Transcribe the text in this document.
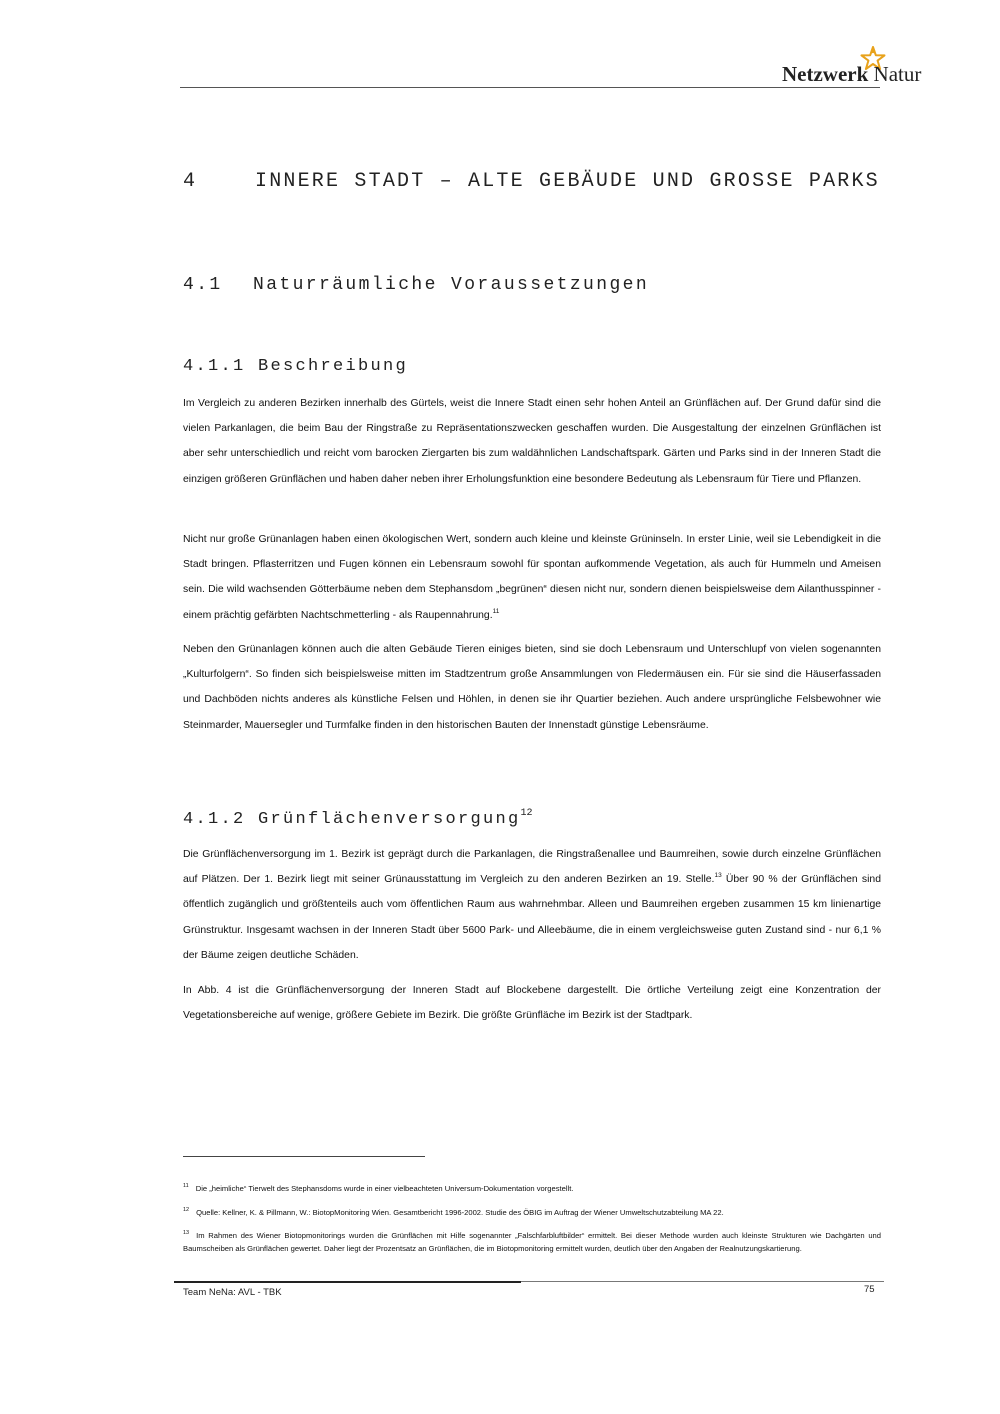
Netzwerk Natur
4	INNERE STADT – ALTE GEBÄUDE UND GROSSE PARKS
4.1 Naturräumliche Voraussetzungen
4.1.1 Beschreibung
Im Vergleich zu anderen Bezirken innerhalb des Gürtels, weist die Innere Stadt einen sehr hohen Anteil an Grünflächen auf. Der Grund dafür sind die vielen Parkanlagen, die beim Bau der Ringstraße zu Repräsentationszwecken geschaffen wurden. Die Ausgestaltung der einzelnen Grünflächen ist aber sehr unterschiedlich und reicht vom barocken Ziergarten bis zum waldähnlichen Landschaftspark. Gärten und Parks sind in der Inneren Stadt die einzigen größeren Grünflächen und haben daher neben ihrer Erholungsfunktion eine besondere Bedeutung als Lebensraum für Tiere und Pflanzen.
Nicht nur große Grünanlagen haben einen ökologischen Wert, sondern auch kleine und kleinste Grüninseln. In erster Linie, weil sie Lebendigkeit in die Stadt bringen. Pflasterritzen und Fugen können ein Lebensraum sowohl für spontan aufkommende Vegetation, als auch für Hummeln und Ameisen sein. Die wild wachsenden Götterbäume neben dem Stephansdom „begrünen“ diesen nicht nur, sondern dienen beispielsweise dem Ailanthusspinner - einem prächtig gefärbten Nachtschmetterling - als Raupennahrung.$^{11}$
Neben den Grünanlagen können auch die alten Gebäude Tieren einiges bieten, sind sie doch Lebensraum und Unterschlupf von vielen sogenannten „Kulturfolgern“. So finden sich beispielsweise mitten im Stadtzentrum große Ansammlungen von Fledermäusen ein. Für sie sind die Häuserfassaden und Dachböden nichts anderes als künstliche Felsen und Höhlen, in denen sie ihr Quartier beziehen. Auch andere ursprüngliche Felsbewohner wie Steinmarder, Mauersegler und Turmfalke finden in den historischen Bauten der Innenstadt günstige Lebensräume.
4.1.2 Grünflächenversorgung$^{12}$
Die Grünflächenversorgung im 1. Bezirk ist geprägt durch die Parkanlagen, die Ringstraßenallee und Baumreihen, sowie durch einzelne Grünflächen auf Plätzen. Der 1. Bezirk liegt mit seiner Grünausstattung im Vergleich zu den anderen Bezirken an 19. Stelle.$^{13}$ Über 90 % der Grünflächen sind öffentlich zugänglich und größtenteils auch vom öffentlichen Raum aus wahrnehmbar. Alleen und Baumreihen ergeben zusammen 15 km linienartige Grünstruktur. Insgesamt wachsen in der Inneren Stadt über 5600 Park- und Alleebäume, die in einem vergleichsweise guten Zustand sind - nur 6,1 % der Bäume zeigen deutliche Schäden.
In Abb. 4 ist die Grünflächenversorgung der Inneren Stadt auf Blockebene dargestellt. Die örtliche Verteilung zeigt eine Konzentration der Vegetationsbereiche auf wenige, größere Gebiete im Bezirk. Die größte Grünfläche im Bezirk ist der Stadtpark.
$^{11}$ Die „heimliche“ Tierwelt des Stephansdoms wurde in einer vielbeachteten Universum-Dokumentation vorgestellt.
$^{12}$ Quelle: Kellner, K. & Pillmann, W.: BiotopMonitoring Wien. Gesamtbericht 1996-2002. Studie des ÖBIG im Auftrag der Wiener Umweltschutzabteilung MA 22.
$^{13}$ Im Rahmen des Wiener Biotopmonitorings wurden die Grünflächen mit Hilfe sogenannter „Falschfarbluftbilder“ ermittelt. Bei dieser Methode wurden auch kleinste Strukturen wie Dachgärten und Baumscheiben als Grünflächen gewertet. Daher liegt der Prozentsatz an Grünflächen, die im Biotopmonitoring ermittelt wurden, deutlich über den Angaben der Realnutzungskartierung.
Team NeNa: AVL - TBK	75
